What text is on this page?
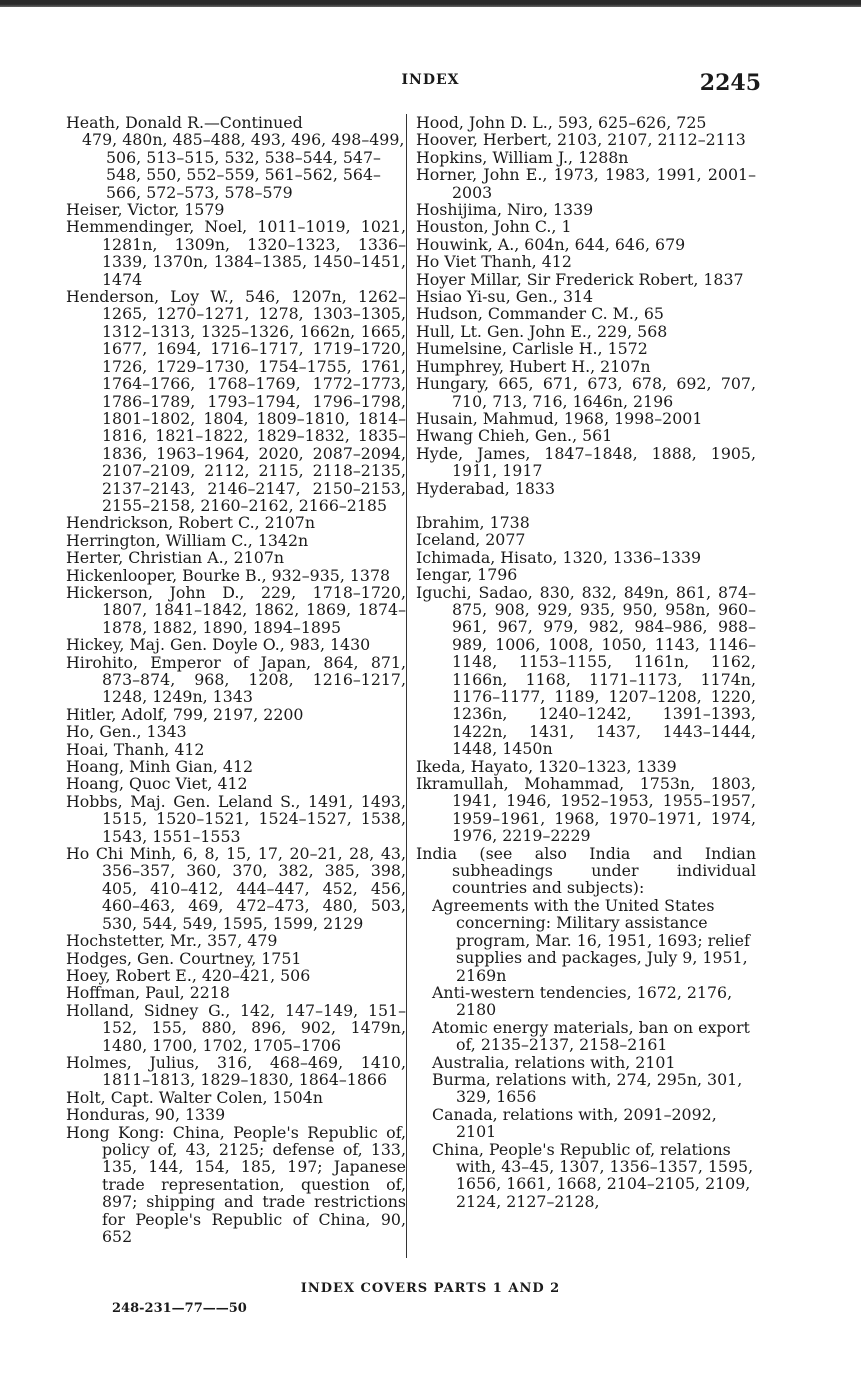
INDEX	2245
Heath, Donald R.—Continued
479, 480n, 485–488, 493, 496, 498–499, 506, 513–515, 532, 538–544, 547–548, 550, 552–559, 561–562, 564–566, 572–573, 578–579
Heiser, Victor, 1579
Hemmendinger, Noel, 1011–1019, 1021, 1281n, 1309n, 1320–1323, 1336–1339, 1370n, 1384–1385, 1450–1451, 1474
Henderson, Loy W., 546, 1207n, 1262–1265, 1270–1271, 1278, 1303–1305, 1312–1313, 1325–1326, 1662n, 1665, 1677, 1694, 1716–1717, 1719–1720, 1726, 1729–1730, 1754–1755, 1761, 1764–1766, 1768–1769, 1772–1773, 1786–1789, 1793–1794, 1796–1798, 1801–1802, 1804, 1809–1810, 1814–1816, 1821–1822, 1829–1832, 1835–1836, 1963–1964, 2020, 2087–2094, 2107–2109, 2112, 2115, 2118–2135, 2137–2143, 2146–2147, 2150–2153, 2155–2158, 2160–2162, 2166–2185
Hendrickson, Robert C., 2107n
Herrington, William C., 1342n
Herter, Christian A., 2107n
Hickenlooper, Bourke B., 932–935, 1378
Hickerson, John D., 229, 1718–1720, 1807, 1841–1842, 1862, 1869, 1874–1878, 1882, 1890, 1894–1895
Hickey, Maj. Gen. Doyle O., 983, 1430
Hirohito, Emperor of Japan, 864, 871, 873–874, 968, 1208, 1216–1217, 1248, 1249n, 1343
Hitler, Adolf, 799, 2197, 2200
Ho, Gen., 1343
Hoai, Thanh, 412
Hoang, Minh Gian, 412
Hoang, Quoc Viet, 412
Hobbs, Maj. Gen. Leland S., 1491, 1493, 1515, 1520–1521, 1524–1527, 1538, 1543, 1551–1553
Ho Chi Minh, 6, 8, 15, 17, 20–21, 28, 43, 356–357, 360, 370, 382, 385, 398, 405, 410–412, 444–447, 452, 456, 460–463, 469, 472–473, 480, 503, 530, 544, 549, 1595, 1599, 2129
Hochstetter, Mr., 357, 479
Hodges, Gen. Courtney, 1751
Hoey, Robert E., 420–421, 506
Hoffman, Paul, 2218
Holland, Sidney G., 142, 147–149, 151–152, 155, 880, 896, 902, 1479n, 1480, 1700, 1702, 1705–1706
Holmes, Julius, 316, 468–469, 1410, 1811–1813, 1829–1830, 1864–1866
Holt, Capt. Walter Colen, 1504n
Honduras, 90, 1339
Hong Kong: China, People's Republic of, policy of, 43, 2125; defense of, 133, 135, 144, 154, 185, 197; Japanese trade representation, question of, 897; shipping and trade restrictions for People's Republic of China, 90, 652
Hood, John D. L., 593, 625–626, 725
Hoover, Herbert, 2103, 2107, 2112–2113
Hopkins, William J., 1288n
Horner, John E., 1973, 1983, 1991, 2001–2003
Hoshijima, Niro, 1339
Houston, John C., 1
Houwink, A., 604n, 644, 646, 679
Ho Viet Thanh, 412
Hoyer Millar, Sir Frederick Robert, 1837
Hsiao Yi-su, Gen., 314
Hudson, Commander C. M., 65
Hull, Lt. Gen. John E., 229, 568
Humelsine, Carlisle H., 1572
Humphrey, Hubert H., 2107n
Hungary, 665, 671, 673, 678, 692, 707, 710, 713, 716, 1646n, 2196
Husain, Mahmud, 1968, 1998–2001
Hwang Chieh, Gen., 561
Hyde, James, 1847–1848, 1888, 1905, 1911, 1917
Hyderabad, 1833
Ibrahim, 1738
Iceland, 2077
Ichimada, Hisato, 1320, 1336–1339
Iengar, 1796
Iguchi, Sadao, 830, 832, 849n, 861, 874–875, 908, 929, 935, 950, 958n, 960–961, 967, 979, 982, 984–986, 988–989, 1006, 1008, 1050, 1143, 1146–1148, 1153–1155, 1161n, 1162, 1166n, 1168, 1171–1173, 1174n, 1176–1177, 1189, 1207–1208, 1220, 1236n, 1240–1242, 1391–1393, 1422n, 1431, 1437, 1443–1444, 1448, 1450n
Ikeda, Hayato, 1320–1323, 1339
Ikramullah, Mohammad, 1753n, 1803, 1941, 1946, 1952–1953, 1955–1957, 1959–1961, 1968, 1970–1971, 1974, 1976, 2219–2229
India (see also India and Indian subheadings under individual countries and subjects):
Agreements with the United States concerning: Military assistance program, Mar. 16, 1951, 1693; relief supplies and packages, July 9, 1951, 2169n
Anti-western tendencies, 1672, 2176, 2180
Atomic energy materials, ban on export of, 2135–2137, 2158–2161
Australia, relations with, 2101
Burma, relations with, 274, 295n, 301, 329, 1656
Canada, relations with, 2091–2092, 2101
China, People's Republic of, relations with, 43–45, 1307, 1356–1357, 1595, 1656, 1661, 1668, 2104–2105, 2109, 2124, 2127–2128,
INDEX COVERS PARTS 1 AND 2
248-231—77——50
